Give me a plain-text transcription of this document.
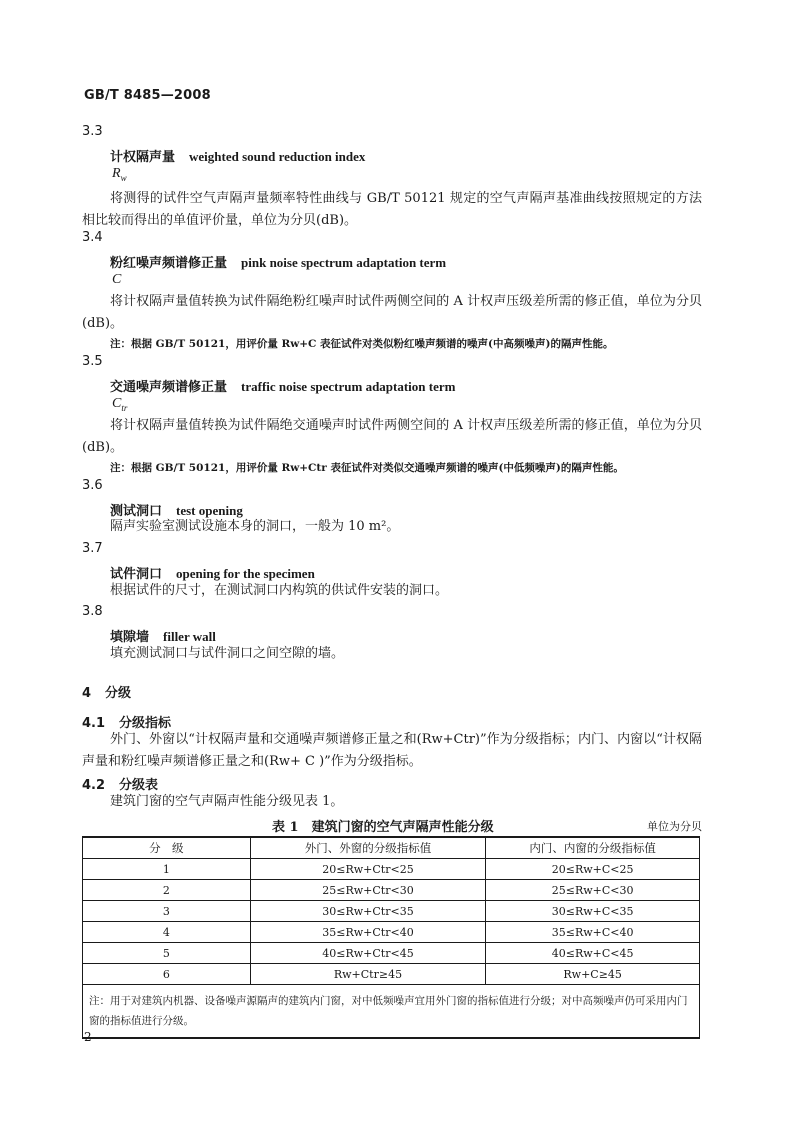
GB/T 8485—2008
3.3
计权隔声量 weighted sound reduction index
$R_w$
将测得的试件空气声隔声量频率特性曲线与 GB/T 50121 规定的空气声隔声基准曲线按照规定的方法相比较而得出的单值评价量，单位为分贝(dB)。
3.4
粉红噪声频谱修正量 pink noise spectrum adaptation term
C
将计权隔声量值转换为试件隔绝粉红噪声时试件两侧空间的 A 计权声压级差所需的修正值，单位为分贝(dB)。
注：根据 GB/T 50121，用评价量 Rw+C 表征试件对类似粉红噪声频谱的噪声(中高频噪声)的隔声性能。
3.5
交通噪声频谱修正量 traffic noise spectrum adaptation term
$C_{tr}$
将计权隔声量值转换为试件隔绝交通噪声时试件两侧空间的 A 计权声压级差所需的修正值，单位为分贝(dB)。
注：根据 GB/T 50121，用评价量 Rw+Ctr 表征试件对类似交通噪声频谱的噪声(中低频噪声)的隔声性能。
3.6
测试洞口 test opening
隔声实验室测试设施本身的洞口，一般为 10 m²。
3.7
试件洞口 opening for the specimen
根据试件的尺寸，在测试洞口内构筑的供试件安装的洞口。
3.8
填隙墙 filler wall
填充测试洞口与试件洞口之间空隙的墙。
4 分级
4.1 分级指标
外门、外窗以“计权隔声量和交通噪声频谱修正量之和(Rw+Ctr)”作为分级指标；内门、内窗以“计权隔声量和粉红噪声频谱修正量之和(Rw+ C )”作为分级指标。
4.2 分级表
建筑门窗的空气声隔声性能分级见表 1。
表 1　建筑门窗的空气声隔声性能分级	单位为分贝
分　级	外门、外窗的分级指标值	内门、内窗的分级指标值
1	20≤Rw+Ctr<25	20≤Rw+C<25
2	25≤Rw+Ctr<30	25≤Rw+C<30
3	30≤Rw+Ctr<35	30≤Rw+C<35
4	35≤Rw+Ctr<40	35≤Rw+C<40
5	40≤Rw+Ctr<45	40≤Rw+C<45
6	Rw+Ctr≥45	Rw+C≥45
注：用于对建筑内机器、设备噪声源隔声的建筑内门窗，对中低频噪声宜用外门窗的指标值进行分级；对中高频噪声仍可采用内门窗的指标值进行分级。		
2
